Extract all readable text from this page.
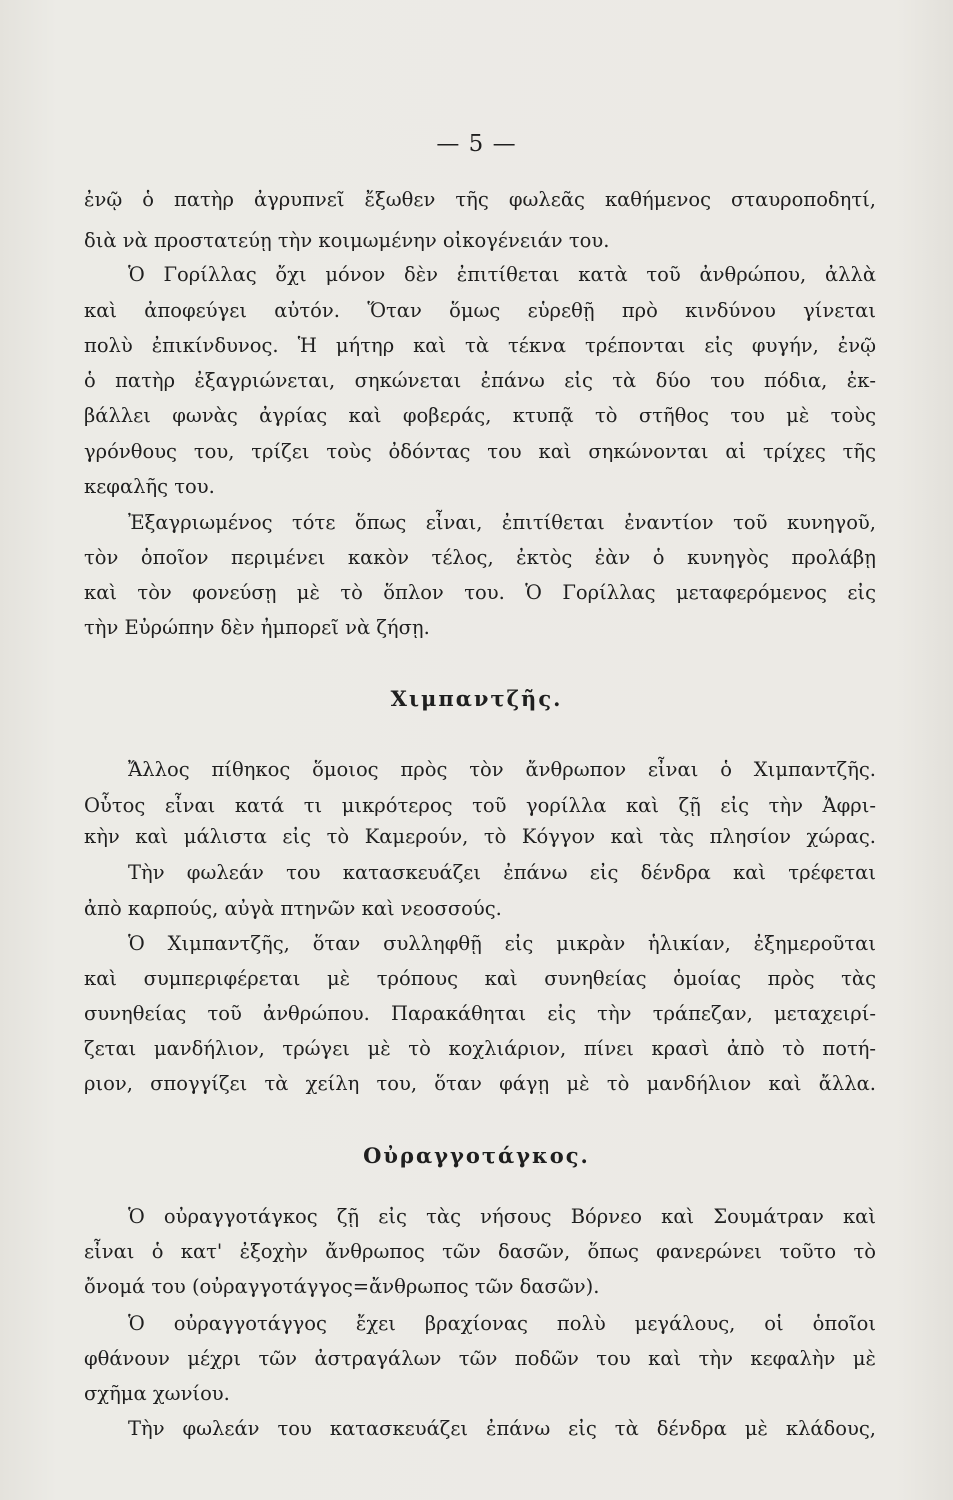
— 5 —
ἐνῷ ὁ πατὴρ ἀγρυπνεῖ ἔξωθεν τῆς φωλεᾶς καθήμενος σταυροποδητί,
διὰ νὰ προστατεύῃ τὴν κοιμωμένην οἰκογένειάν του.
Ὁ Γορίλλας ὄχι μόνον δὲν ἐπιτίθεται κατὰ τοῦ ἀνθρώπου, ἀλλὰ
καὶ ἀποφεύγει αὐτόν. Ὅταν ὅμως εὑρεθῇ πρὸ κινδύνου γίνεται
πολὺ ἐπικίνδυνος. Ἡ μήτηρ καὶ τὰ τέκνα τρέπονται εἰς φυγήν, ἐνῷ
ὁ πατὴρ ἐξαγριώνεται, σηκώνεται ἐπάνω εἰς τὰ δύο του πόδια, ἐκ-
βάλλει φωνὰς ἀγρίας καὶ φοβεράς, κτυπᾷ τὸ στῆθος του μὲ τοὺς
γρόνθους του, τρίζει τοὺς ὀδόντας του καὶ σηκώνονται αἱ τρίχες τῆς
κεφαλῆς του.
Ἐξαγριωμένος τότε ὅπως εἶναι, ἐπιτίθεται ἐναντίον τοῦ κυνηγοῦ,
τὸν ὁποῖον περιμένει κακὸν τέλος, ἐκτὸς ἐὰν ὁ κυνηγὸς προλάβῃ
καὶ τὸν φονεύσῃ μὲ τὸ ὅπλον του. Ὁ Γορίλλας μεταφερόμενος εἰς
τὴν Εὐρώπην δὲν ἠμπορεῖ νὰ ζήσῃ.
Χιμπαντζῆς.
Ἄλλος πίθηκος ὅμοιος πρὸς τὸν ἄνθρωπον εἶναι ὁ Χιμπαντζῆς.
Οὗτος εἶναι κατά τι μικρότερος τοῦ γορίλλα καὶ ζῇ εἰς τὴν Ἀφρι-
κὴν καὶ μάλιστα εἰς τὸ Καμερούν, τὸ Κόγγον καὶ τὰς πλησίον χώρας.
Τὴν φωλεάν του κατασκευάζει ἐπάνω εἰς δένδρα καὶ τρέφεται
ἀπὸ καρπούς, αὐγὰ πτηνῶν καὶ νεοσσούς.
Ὁ Χιμπαντζῆς, ὅταν συλληφθῇ εἰς μικρὰν ἡλικίαν, ἐξημεροῦται
καὶ συμπεριφέρεται μὲ τρόπους καὶ συνηθείας ὁμοίας πρὸς τὰς
συνηθείας τοῦ ἀνθρώπου. Παρακάθηται εἰς τὴν τράπεζαν, μεταχειρί-
ζεται μανδήλιον, τρώγει μὲ τὸ κοχλιάριον, πίνει κρασὶ ἀπὸ τὸ ποτή-
ριον, σπογγίζει τὰ χείλη του, ὅταν φάγῃ μὲ τὸ μανδήλιον καὶ ἄλλα.
Οὐραγγοτάγκος.
Ὁ οὐραγγοτάγκος ζῇ εἰς τὰς νήσους Βόρνεο καὶ Σουμάτραν καὶ
εἶναι ὁ κατ' ἐξοχὴν ἄνθρωπος τῶν δασῶν, ὅπως φανερώνει τοῦτο τὸ
ὄνομά του (οὐραγγοτάγγος=ἄνθρωπος τῶν δασῶν).
Ὁ οὐραγγοτάγγος ἔχει βραχίονας πολὺ μεγάλους, οἱ ὁποῖοι
φθάνουν μέχρι τῶν ἀστραγάλων τῶν ποδῶν του καὶ τὴν κεφαλὴν μὲ
σχῆμα χωνίου.
Τὴν φωλεάν του κατασκευάζει ἐπάνω εἰς τὰ δένδρα μὲ κλάδους,
